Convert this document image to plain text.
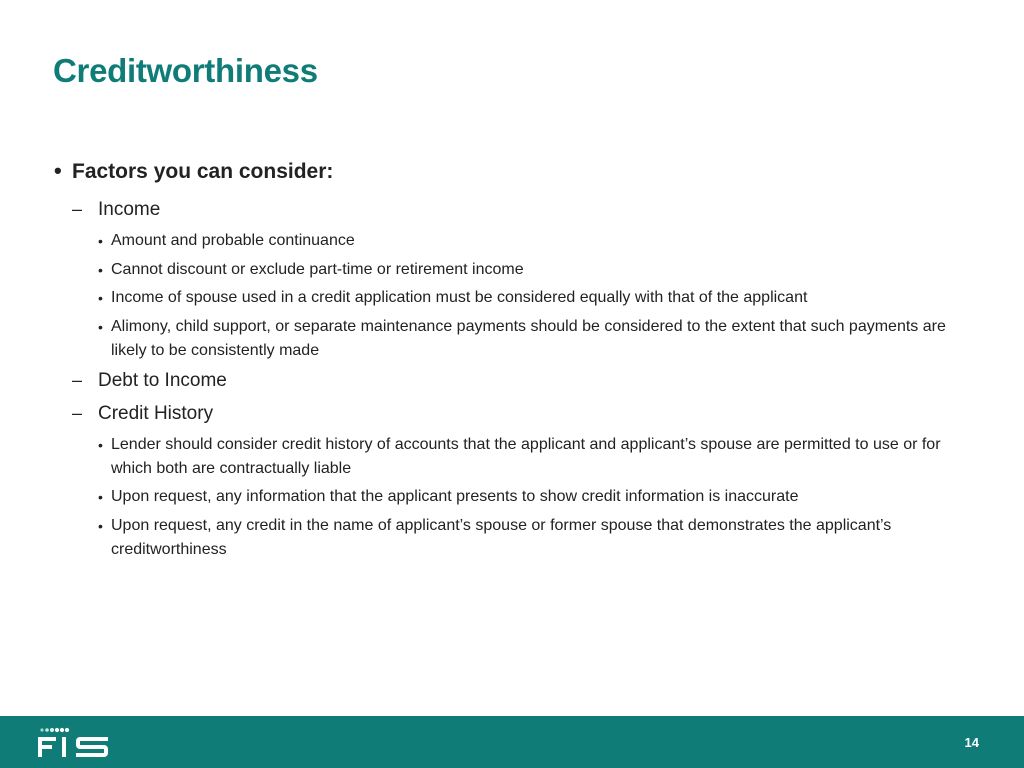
Creditworthiness
• Factors you can consider:
– Income
• Amount and probable continuance
• Cannot discount or exclude part-time or retirement income
• Income of spouse used in a credit application must be considered equally with that of the applicant
• Alimony, child support, or separate maintenance payments should be considered to the extent that such payments are likely to be consistently made
– Debt to Income
– Credit History
• Lender should consider credit history of accounts that the applicant and applicant’s spouse are permitted to use or for which both are contractually liable
• Upon request, any information that the applicant presents to show credit information is inaccurate
• Upon request, any credit in the name of applicant’s spouse or former spouse that demonstrates the applicant’s creditworthiness
14
